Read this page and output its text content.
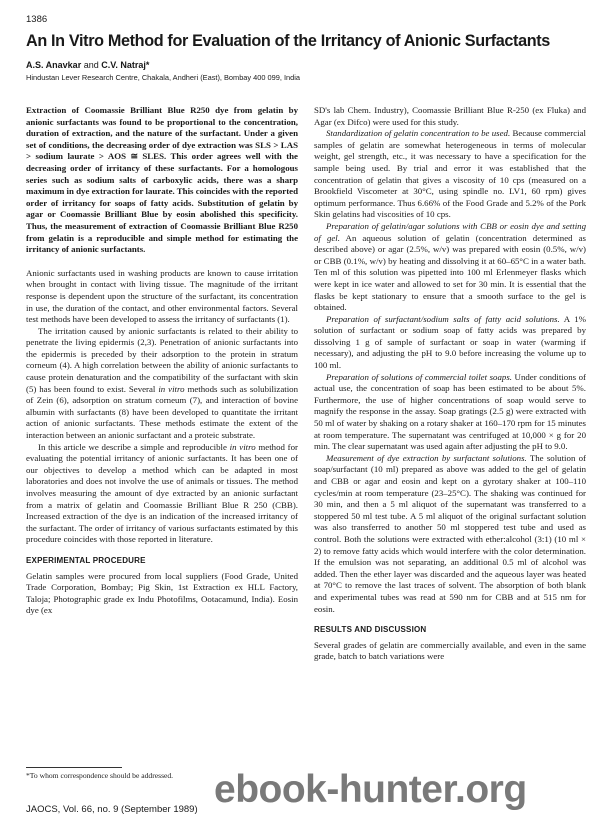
1386
An In Vitro Method for Evaluation of the Irritancy of Anionic Surfactants
A.S. Anavkar and C.V. Natraj*
Hindustan Lever Research Centre, Chakala, Andheri (East), Bombay 400 099, India

Extraction of Coomassie Brilliant Blue R250 dye from gelatin by anionic surfactants was found to be proportional to the concentration, duration of extraction, and the nature of the surfactant. Under a given set of conditions, the decreasing order of dye extraction was SLS > LAS > sodium laurate > AOS ≅ SLES. This order agrees well with the decreasing order of irritancy of these surfactants. For a homologous series such as sodium salts of carboxylic acids, there was a sharp maximum in dye extraction for laurate. This coincides with the reported order of irritancy for soaps of fatty acids. Substitution of gelatin by agar or Coomassie Brilliant Blue by eosin abolished this specificity. Thus, the measurement of extraction of Coomassie Brilliant Blue R250 from gelatin is a reproducible and simple method for estimating the irritancy of anionic surfactants.

Anionic surfactants used in washing products are known to cause irritation when brought in contact with living tissue. The magnitude of the irritant response is dependent upon the structure of the surfactant, its concentration in use, the duration of the contact, and other environmental factors. Several test methods have been developed to assess the irritancy of surfactants (1).

The irritation caused by anionic surfactants is related to their ability to penetrate the living epidermis (2,3). Penetration of anionic surfactants into the epidermis is preceded by their adsorption to the protein in stratum corneum (4). A high correlation between the ability of anionic surfactants to cause protein denaturation and the compatibility of the surfactant with skin (5) has been found to exist. Several in vitro methods such as solubilization of Zein (6), adsorption on stratum corneum (7), and interaction of bovine albumin with surfactants (8) have been developed to quantitate the irritant action of anionic surfactants. These methods estimate the extent of the interaction between an anionic surfactant and a proteic substrate.

In this article we describe a simple and reproducible in vitro method for evaluating the potential irritancy of anionic surfactants. It has been one of our objectives to develop a method which can be adapted in most laboratories and does not involve the use of animals or tissues. The method involves measuring the amount of dye extracted by an anionic surfactant from a matrix of gelatin and Coomassie Brilliant Blue R 250 (CBB). Increased extraction of the dye is an indication of the increased irritancy of the surfactant. The order of irritancy of various surfactants estimated by this procedure coincides with those reported in literature.

EXPERIMENTAL PROCEDURE

Gelatin samples were procured from local suppliers (Food Grade, United Trade Corporation, Bombay; Pig Skin, 1st Extraction ex HLL Factory, Taloja; Photographic grade ex Indu Photofilms, Ootacamund, India). Eosin dye (ex

SD's lab Chem. Industry), Coomassie Brilliant Blue R-250 (ex Fluka) and Agar (ex Difco) were used for this study.

Standardization of gelatin concentration to be used. Because commercial samples of gelatin are somewhat heterogeneous in terms of molecular weight, gel strength, etc., it was necessary to have a specification for the sample being used. By trial and error it was established that the concentration of gelatin that gives a viscosity of 10 cps (measured on a Brookfield Viscometer at 30°C, using spindle no. LV1, 60 rpm) gives optimum performance. Thus 6.66% of the Food Grade and 5.2% of the Pork Skin gelatins had viscosities of 10 cps.

Preparation of gelatin/agar solutions with CBB or eosin dye and setting of gel. An aqueous solution of gelatin (concentration determined as described above) or agar (2.5%, w/v) was prepared with eosin (0.5%, w/v) or CBB (0.1%, w/v) by heating and dissolving it at 60–65°C in a water bath. Ten ml of this solution was pipetted into 100 ml Erlenmeyer flasks which were kept in ice water and allowed to set for 30 min. It is essential that the flasks be kept stationary to ensure that a smooth surface to the gel is obtained.

Preparation of surfactant/sodium salts of fatty acid solutions. A 1% solution of surfactant or sodium soap of fatty acids was prepared by dissolving 1 g of sample of surfactant or soap in water (warming if necessary), and adjusting the pH to 9.0 before increasing the volume up to 100 ml.

Preparation of solutions of commercial toilet soaps. Under conditions of actual use, the concentration of soap has been estimated to be about 5%. Furthermore, the use of higher concentrations of soap would serve to magnify the response in the assay. Soap gratings (2.5 g) were extracted with 50 ml of water by shaking on a rotary shaker at 160–170 rpm for 15 minutes at room temperature. The supernatant was centrifuged at 10,000 × g for 20 min. The clear supernatant was used again after adjusting the pH to 9.0.

Measurement of dye extraction by surfactant solutions. The solution of soap/surfactant (10 ml) prepared as above was added to the gel of gelatin and CBB or agar and eosin and kept on a gyrotary shaker at 100–110 cycles/min at room temperature (23–25°C). The shaking was continued for 30 min, and then a 5 ml aliquot of the supernatant was transferred to a stoppered 50 ml test tube. A 5 ml aliquot of the original surfactant solution was also transferred to another 50 ml stoppered test tube and used as control. Both the solutions were extracted with ether:alcohol (3:1) (10 ml × 2) to remove fatty acids which would interfere with the color determination. If the emulsion was not separating, an additional 0.5 ml of alcohol was added. Then the ether layer was discarded and the aqueous layer was heated at 70°C to remove the last traces of solvent. The absorption of both blank and experimental tubes was read at 590 nm for CBB and at 515 nm for eosin.

RESULTS AND DISCUSSION

Several grades of gelatin are commercially available, and even in the same grade, batch to batch variations were

*To whom correspondence should be addressed.
JAOCS, Vol. 66, no. 9 (September 1989) ebook-hunter.org
